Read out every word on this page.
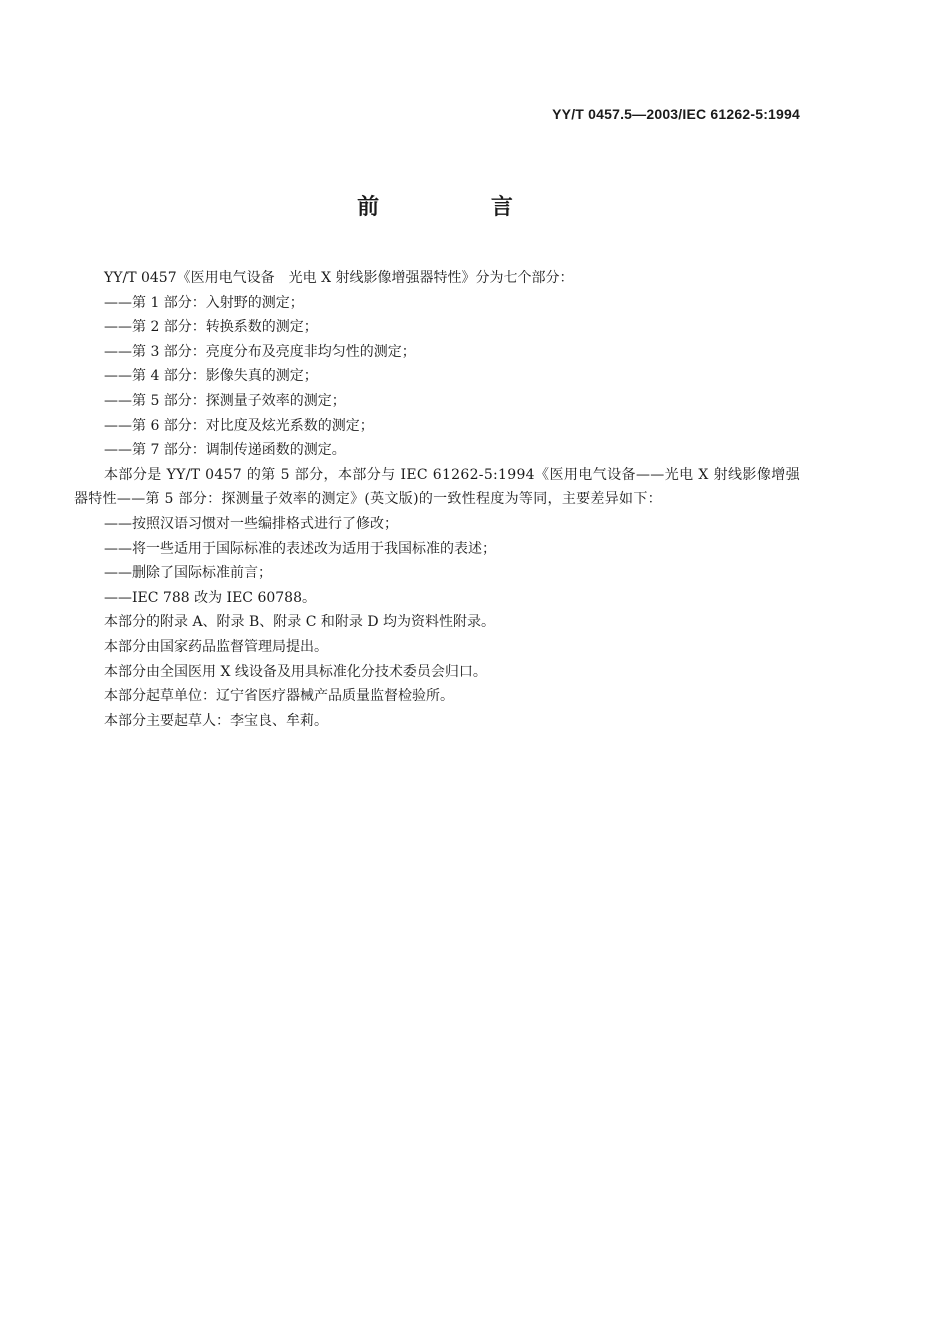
YY/T 0457.5—2003/IEC 61262-5:1994
前 言
YY/T 0457《医用电气设备　光电 X 射线影像增强器特性》分为七个部分：
——第 1 部分：入射野的测定；
——第 2 部分：转换系数的测定；
——第 3 部分：亮度分布及亮度非均匀性的测定；
——第 4 部分：影像失真的测定；
——第 5 部分：探测量子效率的测定；
——第 6 部分：对比度及炫光系数的测定；
——第 7 部分：调制传递函数的测定。
本部分是 YY/T 0457 的第 5 部分，本部分与 IEC 61262-5:1994《医用电气设备——光电 X 射线影像增强器特性——第 5 部分：探测量子效率的测定》(英文版)的一致性程度为等同，主要差异如下：
——按照汉语习惯对一些编排格式进行了修改；
——将一些适用于国际标准的表述改为适用于我国标准的表述；
——删除了国际标准前言；
——IEC 788 改为 IEC 60788。
本部分的附录 A、附录 B、附录 C 和附录 D 均为资料性附录。
本部分由国家药品监督管理局提出。
本部分由全国医用 X 线设备及用具标准化分技术委员会归口。
本部分起草单位：辽宁省医疗器械产品质量监督检验所。
本部分主要起草人：李宝良、牟莉。
